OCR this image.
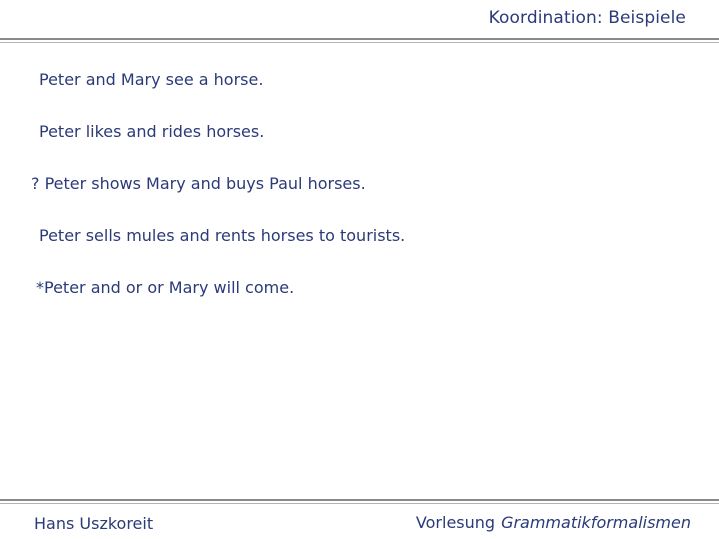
Koordination: Beispiele
Peter and Mary see a horse.
Peter likes and rides horses.
? Peter shows Mary and buys Paul horses.
Peter sells mules and rents horses to tourists.
*Peter and or or Mary will come.
Hans Uszkoreit	Vorlesung Grammatikformalismen
